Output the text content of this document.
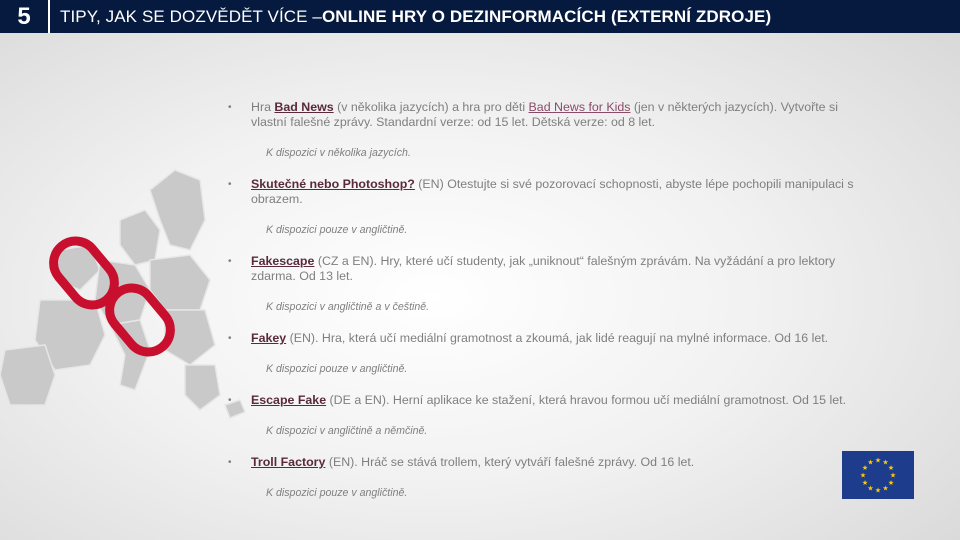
5	TIPY, JAK SE DOZVĚDĚT VÍCE – ONLINE HRY O DEZINFORMACÍCH (EXTERNÍ ZDROJE)
• Hra Bad News (v několika jazycích) a hra pro děti Bad News for Kids (jen v některých jazycích). Vytvořte si vlastní falešné zprávy. Standardní verze: od 15 let. Dětská verze: od 8 let.
K dispozici v několika jazycích.
• Skutečné nebo Photoshop? (EN) Otestujte si své pozorovací schopnosti, abyste lépe pochopili manipulaci s obrazem.
K dispozici pouze v angličtině.
• Fakescape (CZ a EN). Hry, které učí studenty, jak „uniknout“ falešným zprávám. Na vyžádání a pro lektory zdarma. Od 13 let.
K dispozici v angličtině a v češtině.
• Fakey (EN). Hra, která učí mediální gramotnost a zkoumá, jak lidé reagují na mylné informace. Od 16 let.
K dispozici pouze v angličtině.
• Escape Fake (DE a EN). Herní aplikace ke stažení, která hravou formou učí mediální gramotnost. Od 15 let.
K dispozici v angličtině a němčině.
• Troll Factory (EN). Hráč se stává trollem, který vytváří falešné zprávy. Od 16 let.
K dispozici pouze v angličtině.
★ ★
★
★
★
★
★
★
★
★
★
★
